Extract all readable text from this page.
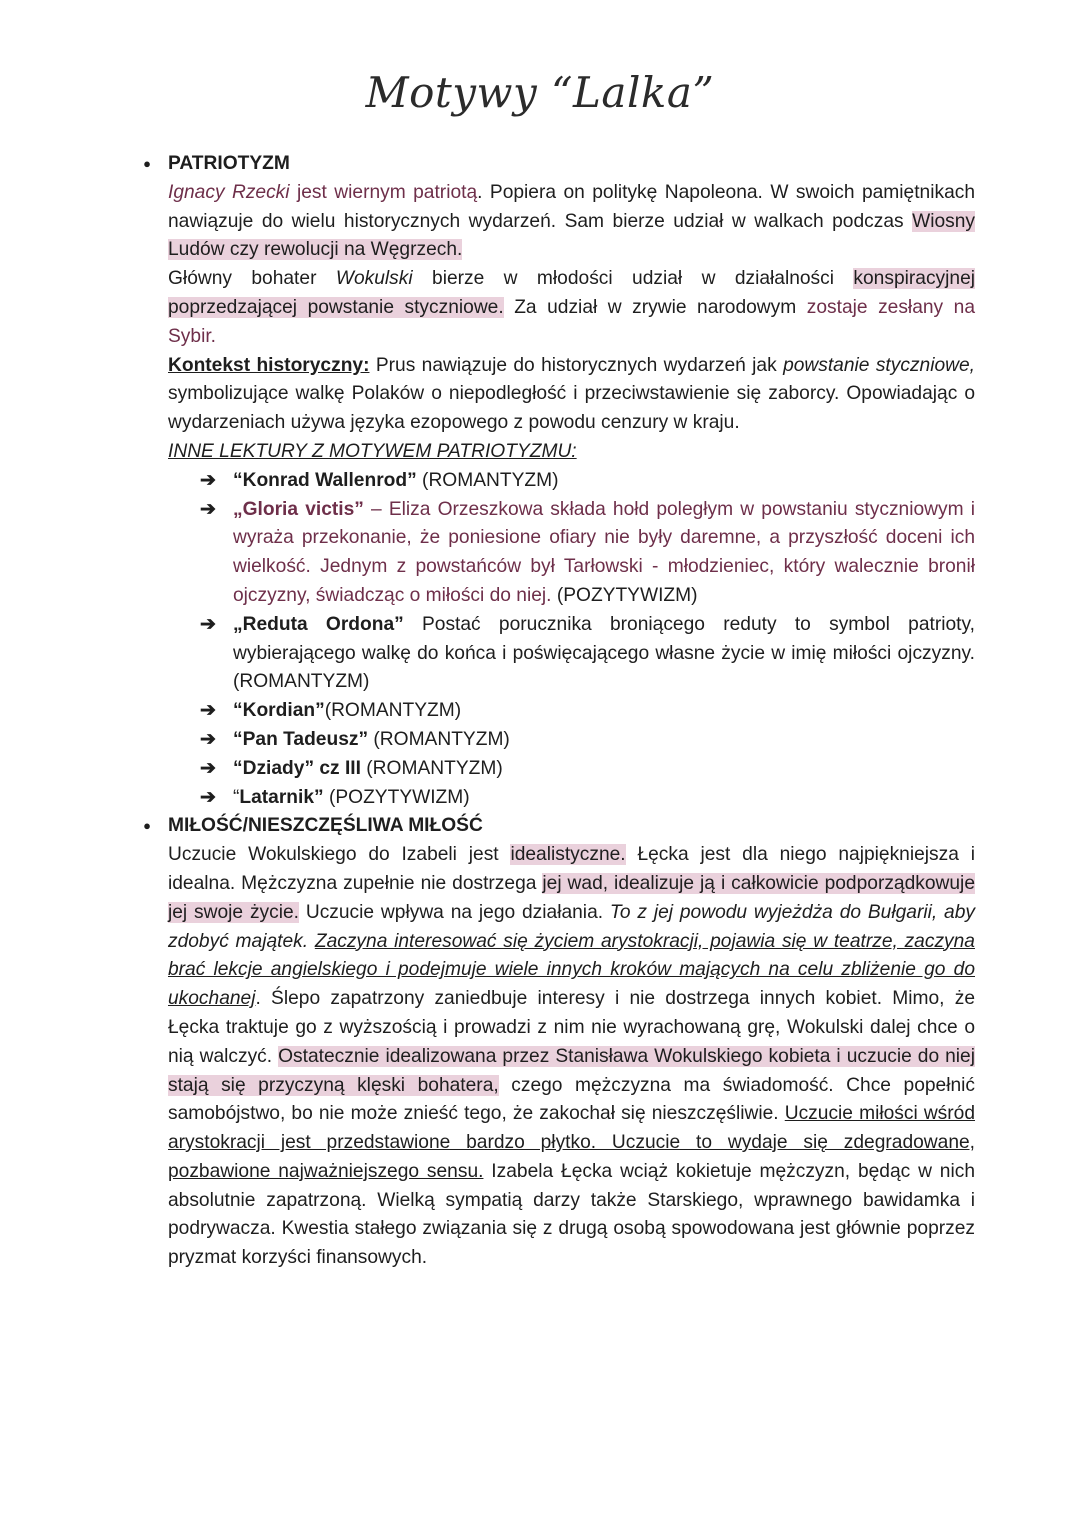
Motywy “Lalka”
● PATRIOTYZM

Ignacy Rzecki jest wiernym patriotą. Popiera on politykę Napoleona. W swoich pamiętnikach nawiązuje do wielu historycznych wydarzeń. Sam bierze udział w walkach podczas Wiosny Ludów czy rewolucji na Węgrzech.

Główny bohater Wokulski bierze w młodości udział w działalności konspiracyjnej poprzedzającej powstanie styczniowe. Za udział w zrywie narodowym zostaje zesłany na Sybir.

Kontekst historyczny: Prus nawiązuje do historycznych wydarzeń jak powstanie styczniowe, symbolizujące walkę Polaków o niepodległość i przeciwstawienie się zaborcy. Opowiadając o wydarzeniach używa języka ezopowego z powodu cenzury w kraju.

INNE LEKTURY Z MOTYWEM PATRIOTYZMU:
➔ “Konrad Wallenrod” (ROMANTYZM)
➔ „Gloria victis” – Eliza Orzeszkowa składa hołd poległym w powstaniu styczniowym i wyraża przekonanie, że poniesione ofiary nie były daremne, a przyszłość doceni ich wielkość. Jednym z powstańców był Tarłowski - młodzieniec, który walecznie bronił ojczyzny, świadcząc o miłości do niej. (POZYTYWIZM)
➔ „Reduta Ordona” Postać porucznika broniącego reduty to symbol patrioty, wybierającego walkę do końca i poświęcającego własne życie w imię miłości ojczyzny. (ROMANTYZM)
➔ “Kordian”(ROMANTYZM)
➔ “Pan Tadeusz” (ROMANTYZM)
➔ “Dziady” cz III (ROMANTYZM)
➔ “Latarnik” (POZYTYWIZM)
● MIŁOŚĆ/NIESZCZĘŚLIWA MIŁOŚĆ

Uczucie Wokulskiego do Izabeli jest idealistyczne. Łęcka jest dla niego najpiękniejsza i idealna. Mężczyzna zupełnie nie dostrzega jej wad, idealizuje ją i całkowicie podporządkowuje jej swoje życie. Uczucie wpływa na jego działania. To z jej powodu wyjeżdża do Bułgarii, aby zdobyć majątek. Zaczyna interesować się życiem arystokracji, pojawia się w teatrze, zaczyna brać lekcje angielskiego i podejmuje wiele innych kroków mających na celu zbliżenie go do ukochanej. Ślepo zapatrzony zaniedbuje interesy i nie dostrzega innych kobiet. Mimo, że Łęcka traktuje go z wyższością i prowadzi z nim nie wyrachowaną grę, Wokulski dalej chce o nią walczyć. Ostatecznie idealizowana przez Stanisława Wokulskiego kobieta i uczucie do niej stają się przyczyną klęski bohatera, czego mężczyzna ma świadomość. Chce popełnić samobójstwo, bo nie może znieść tego, że zakochał się nieszczęśliwie. Uczucie miłości wśród arystokracji jest przedstawione bardzo płytko. Uczucie to wydaje się zdegradowane, pozbawione najważniejszego sensu. Izabela Łęcka wciąż kokietuje mężczyzn, będąc w nich absolutnie zapatrzoną. Wielką sympatią darzy także Starskiego, wprawnego bawidamka i podrywacza. Kwestia stałego związania się z drugą osobą spowodowana jest głównie poprzez pryzmat korzyści finansowych.
